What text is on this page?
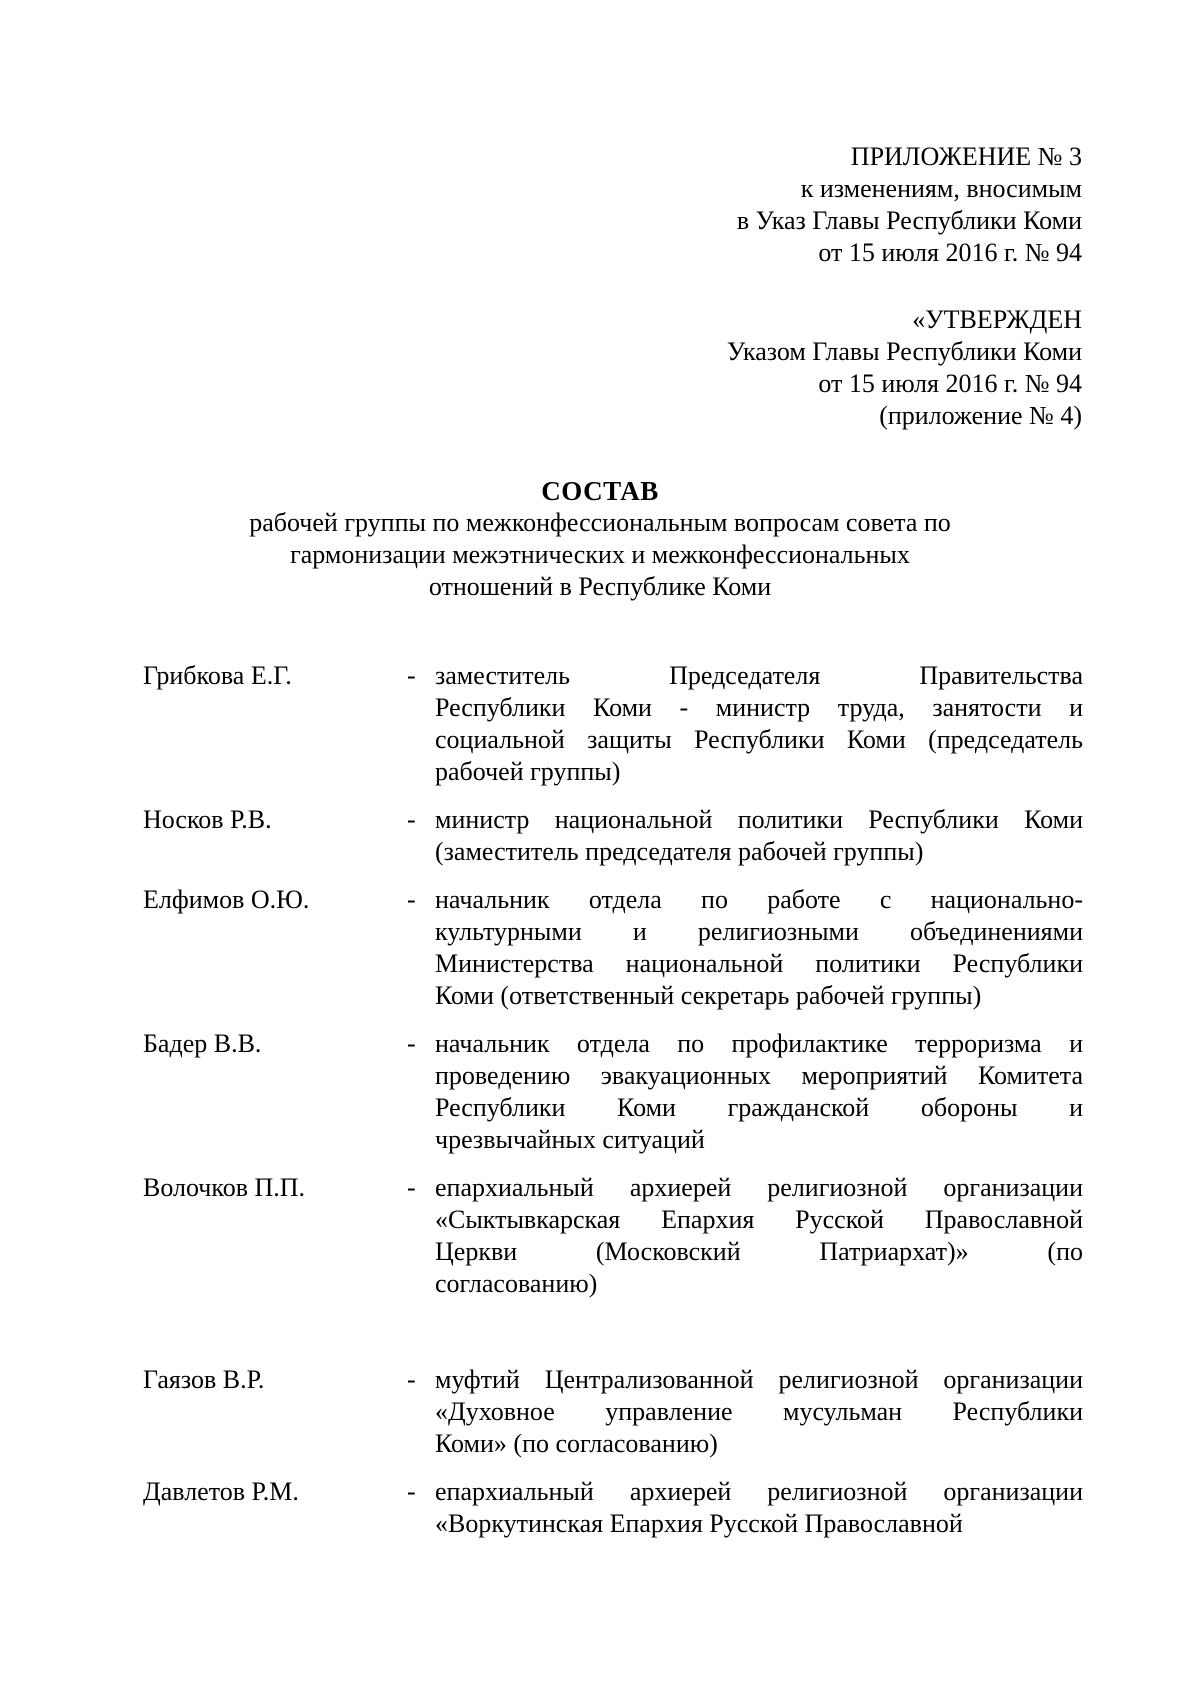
ПРИЛОЖЕНИЕ № 3
к изменениям, вносимым
в Указ Главы Республики Коми
от 15 июля 2016 г. № 94
«УТВЕРЖДЕН
Указом Главы Республики Коми
от 15 июля 2016 г. № 94
(приложение № 4)
СОСТАВ
рабочей группы по межконфессиональным вопросам совета по
гармонизации межэтнических и межконфессиональных
отношений в Республике Коми
Грибкова Е.Г.	- заместитель Председателя Правительства
Республики Коми - министр труда, занятости и
социальной защиты Республики Коми (председатель
рабочей группы)
Носков Р.В.	- министр национальной политики Республики Коми
(заместитель председателя рабочей группы)
Елфимов О.Ю.	- начальник отдела по работе с национально-
культурными и религиозными объединениями
Министерства национальной политики Республики
Коми (ответственный секретарь рабочей группы)
Бадер В.В.	- начальник отдела по профилактике терроризма и
проведению эвакуационных мероприятий Комитета
Республики Коми гражданской обороны и
чрезвычайных ситуаций
Волочков П.П.	- епархиальный архиерей религиозной организации
«Сыктывкарская Епархия Русской Православной
Церкви (Московский Патриархат)» (по
согласованию)
Гаязов В.Р.	- муфтий Централизованной религиозной организации
«Духовное управление мусульман Республики
Коми» (по согласованию)
Давлетов Р.М.	- епархиальный архиерей религиозной организации
«Воркутинская Епархия Русской Православной
